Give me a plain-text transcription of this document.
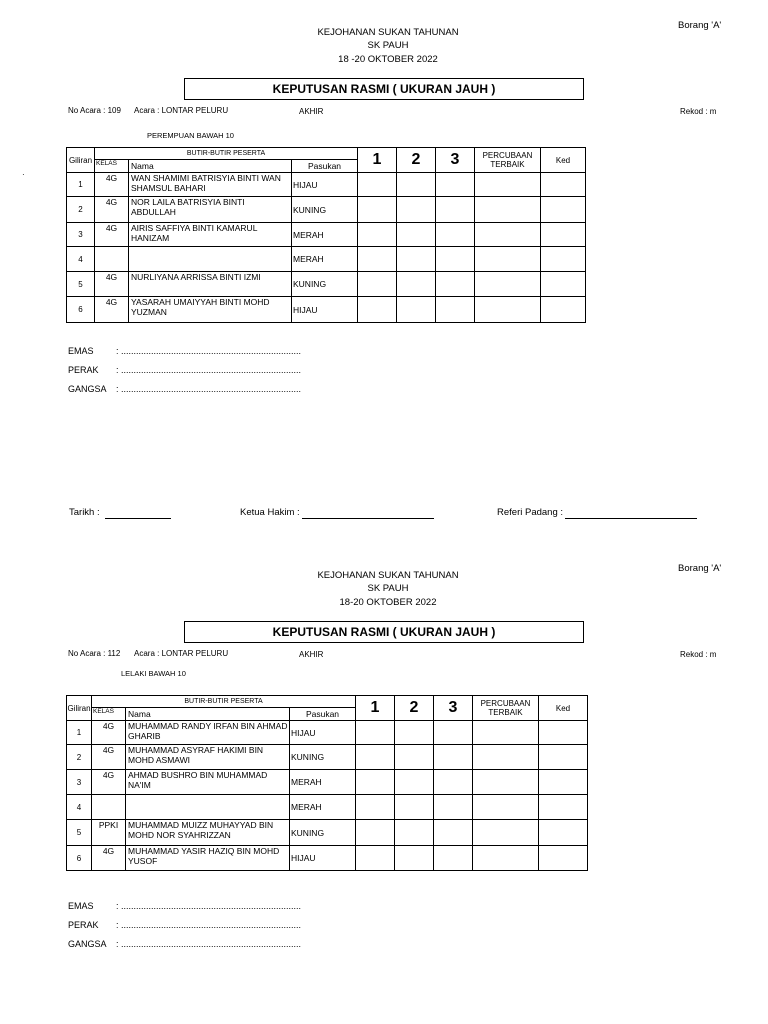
Borang 'A'
KEJOHANAN SUKAN TAHUNAN
SK PAUH
18 -20 OKTOBER 2022
KEPUTUSAN RASMI ( UKURAN JAUH )
No Acara : 109 Acara : LONTAR PELURU	AKHIR	Rekod : m
PEREMPUAN BAWAH 10
·
Giliran	BUTIR-BUTIR PESERTA			1	2	3	PERCUBAAN TERBAIK	Ked
	KELAS	Nama	Pasukan					
1	4G	WAN SHAMIMI BATRISYIA BINTI WAN SHAMSUL BAHARI	HIJAU					
2	4G	NOR LAILA BATRISYIA BINTI ABDULLAH	KUNING					
3	4G	AIRIS SAFFIYA BINTI KAMARUL HANIZAM	MERAH					
4			MERAH					
5	4G	NURLIYANA ARRISSA BINTI IZMI	KUNING					
6	4G	YASARAH UMAIYYAH BINTI MOHD YUZMAN	HIJAU					
EMAS : ........................................................................
PERAK : ........................................................................
GANGSA : ........................................................................
Tarikh :	Ketua Hakim :	Referi Padang :
Borang 'A'
KEJOHANAN SUKAN TAHUNAN
SK PAUH
18-20 OKTOBER 2022
KEPUTUSAN RASMI ( UKURAN JAUH )
No Acara : 112 Acara : LONTAR PELURU	AKHIR	Rekod : m
LELAKI BAWAH 10
Giliran	BUTIR-BUTIR PESERTA			1	2	3	PERCUBAAN TERBAIK	Ked
	KELAS	Nama	Pasukan					
1	4G	MUHAMMAD RANDY IRFAN BIN AHMAD GHARIB	HIJAU					
2	4G	MUHAMMAD ASYRAF HAKIMI BIN MOHD ASMAWI	KUNING					
3	4G	AHMAD BUSHRO BIN MUHAMMAD NA'IM	MERAH					
4			MERAH					
5	PPKI	MUHAMMAD MUIZZ MUHAYYAD BIN MOHD NOR SYAHRIZZAN	KUNING					
6	4G	MUHAMMAD YASIR HAZIQ BIN MOHD YUSOF	HIJAU					
EMAS : ........................................................................
PERAK : ........................................................................
GANGSA : ........................................................................
